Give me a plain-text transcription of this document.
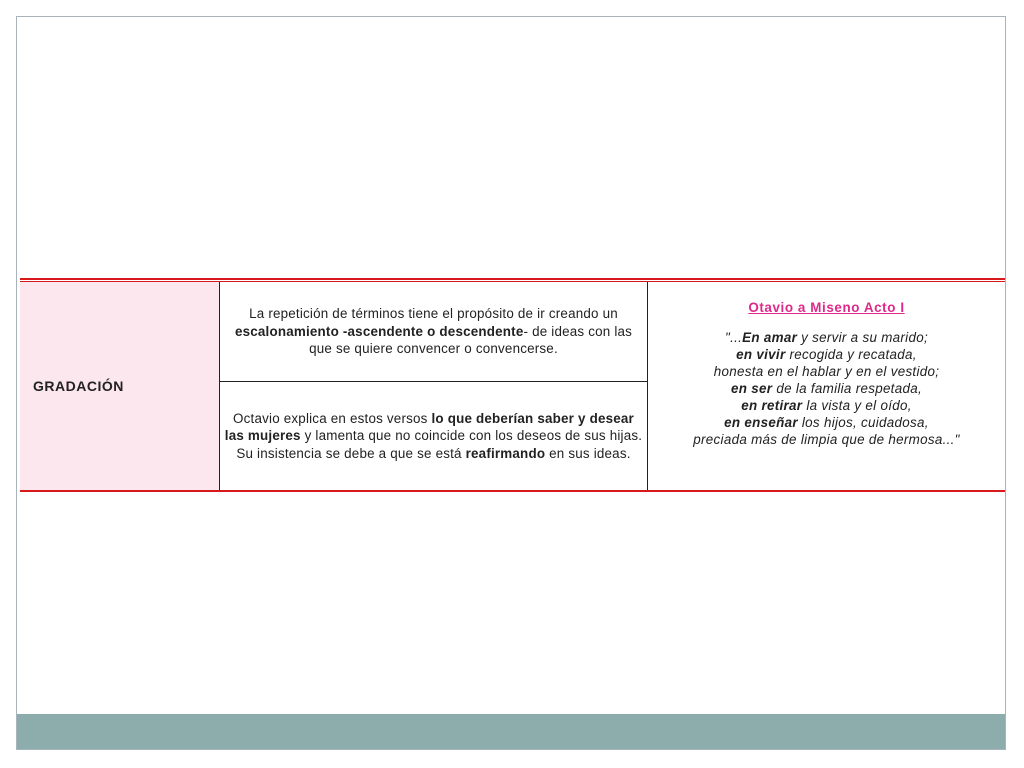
GRADACIÓN
La repetición de términos tiene el propósito de ir creando un escalonamiento -ascendente o descendente- de ideas con las que se quiere convencer o convencerse.
Octavio explica en estos versos lo que deberían saber y desear las mujeres y lamenta que no coincide con los deseos de sus hijas. Su insistencia se debe a que se está reafirmando en sus ideas.
Otavio a Miseno Acto I
"...En amar y servir a su marido;
en vivir recogida y recatada,
honesta en el hablar y en el vestido;
en ser de la familia respetada,
en retirar la vista y el oído,
en enseñar los hijos, cuidadosa,
preciada más de limpia que de hermosa..."
